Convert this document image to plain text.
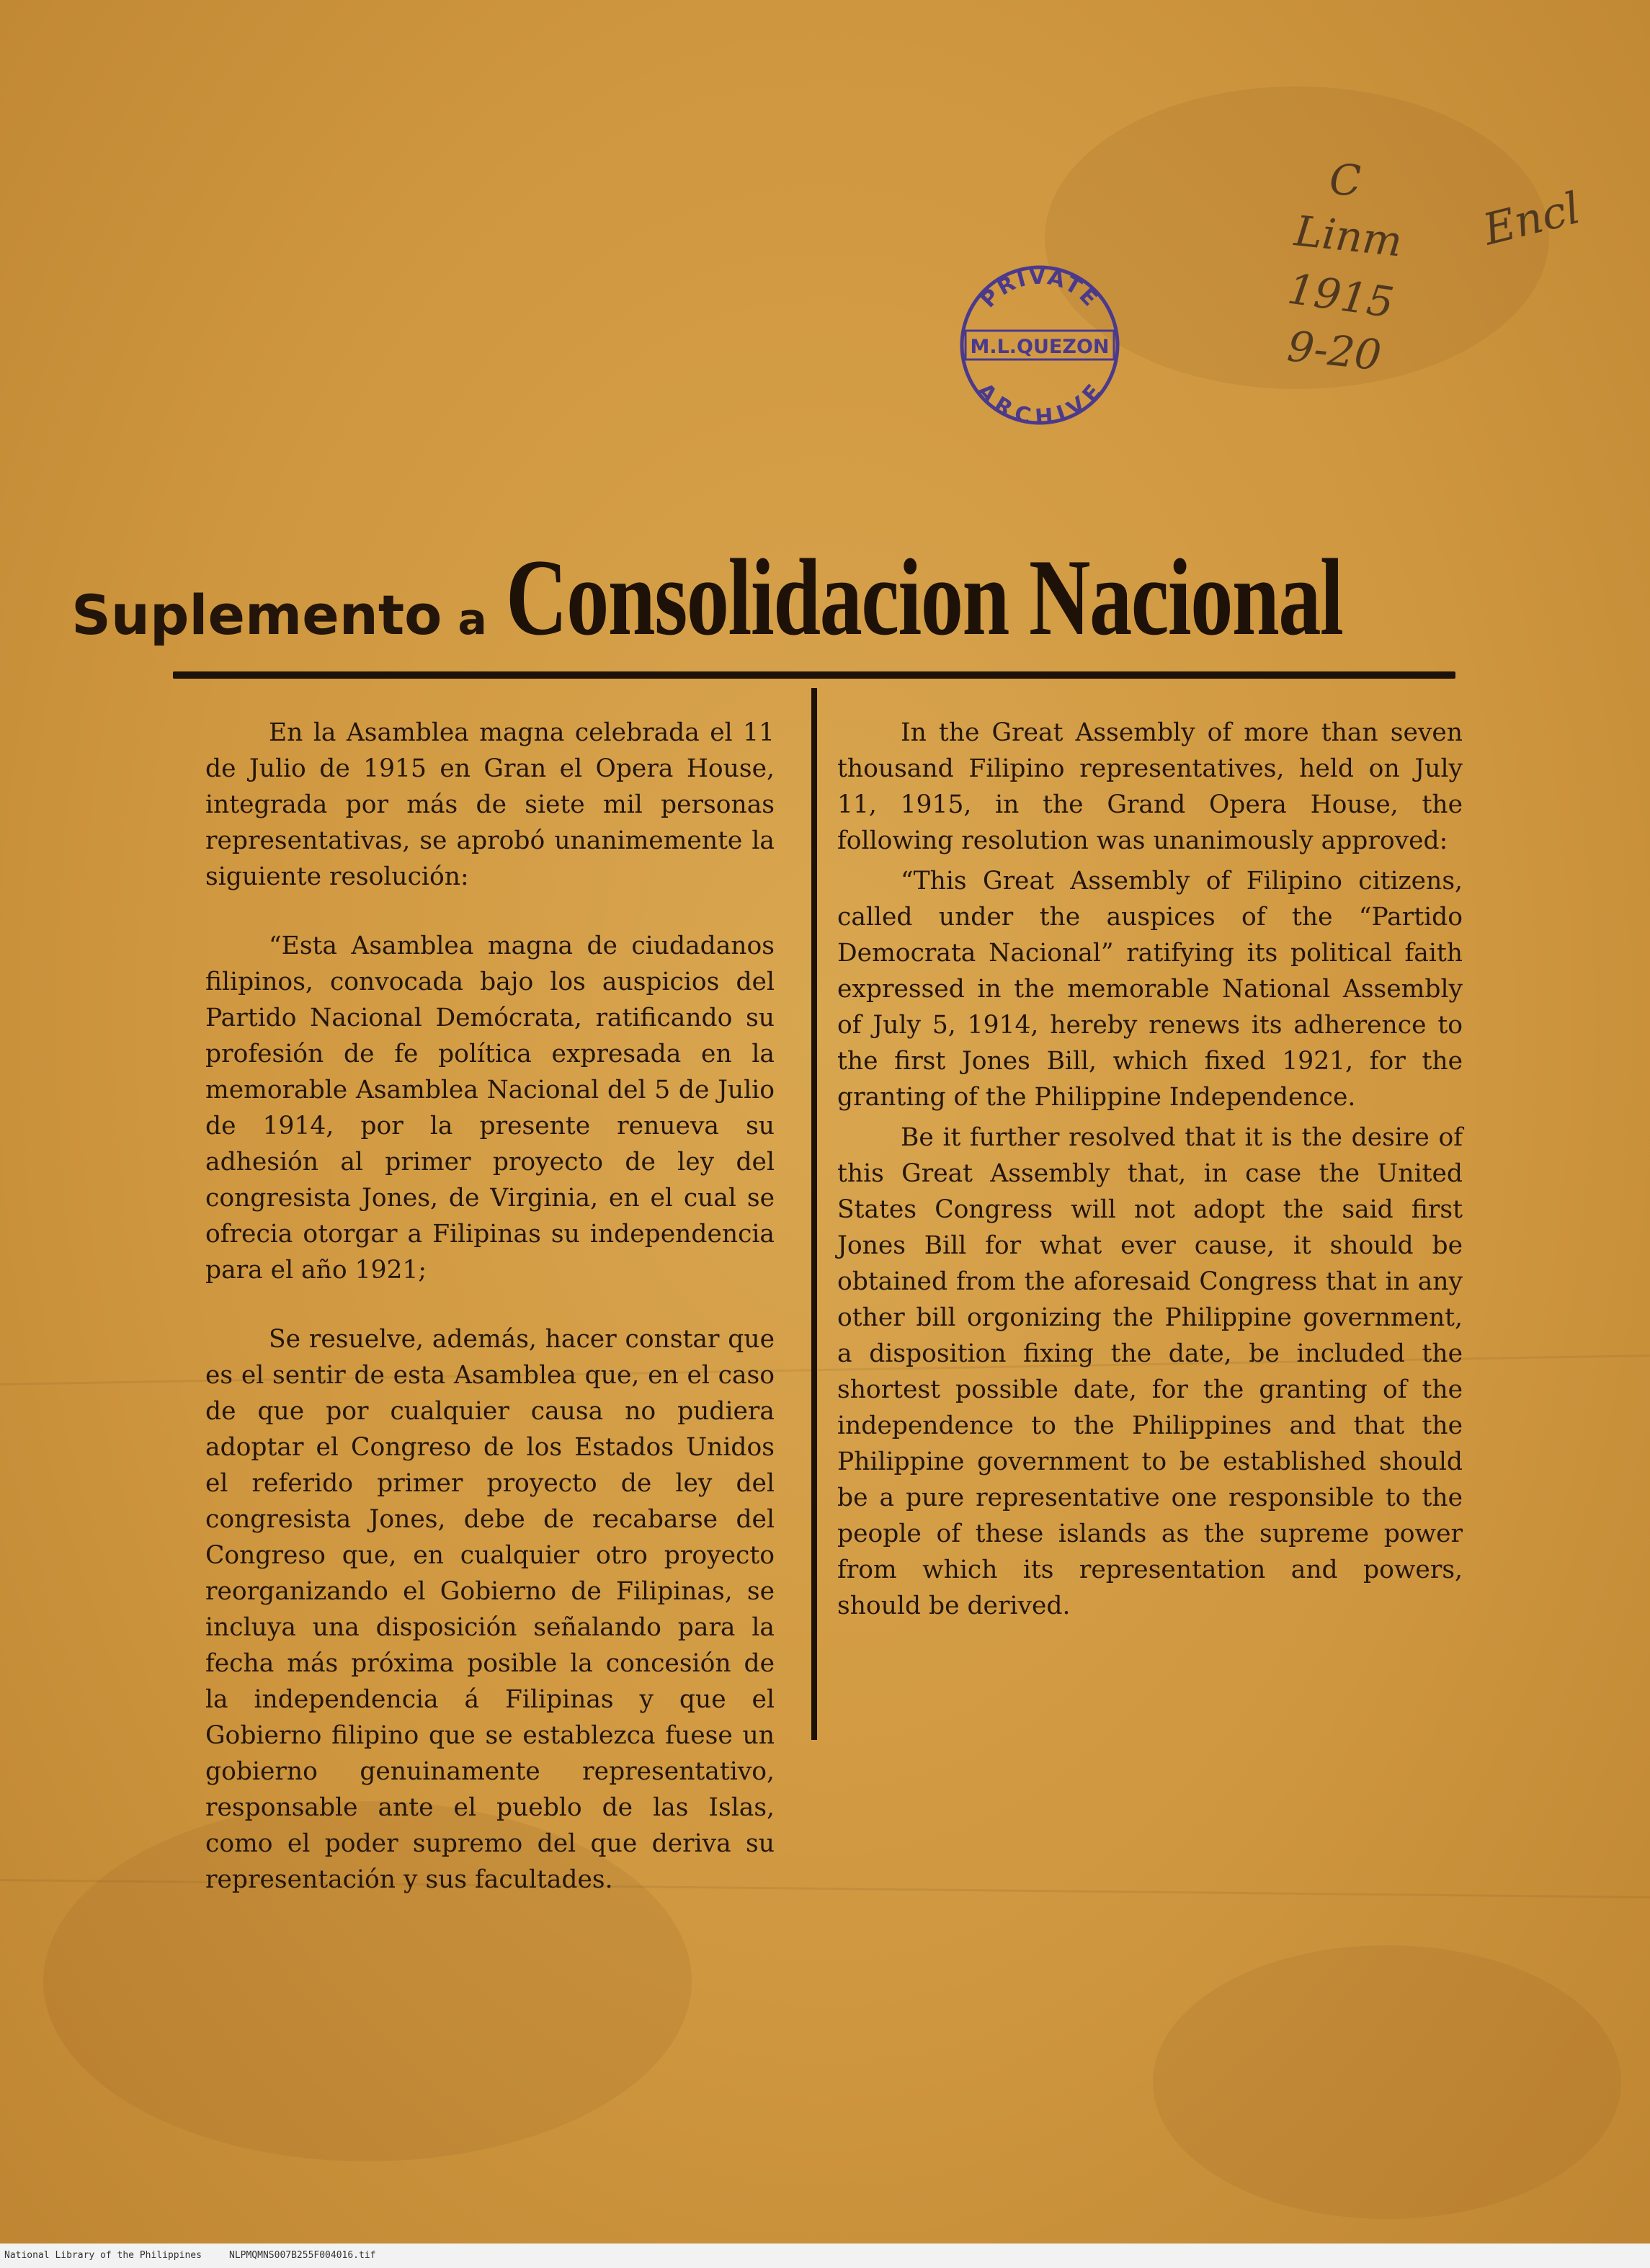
PRIVATE
M.L.QUEZON
ARCHIVE
C
Linm
1915
9-20
Encl
Suplemento a Consolidacion Nacional

En la Asamblea magna celebrada el 11 de Julio de 1915 en Gran el Opera House, integrada por más de siete mil personas representativas, se aprobó unanimemente la siguiente resolución:

“Esta Asamblea magna de ciudadanos filipinos, convocada bajo los auspicios del Partido Nacional Demócrata, ratificando su profesión de fe política expresada en la memorable Asamblea Nacional del 5 de Julio de 1914, por la presente renueva su adhesión al primer proyecto de ley del congresista Jones, de Virginia, en el cual se ofrecia otorgar a Filipinas su independencia para el año 1921;

Se resuelve, además, hacer constar que es el sentir de esta Asamblea que, en el caso de que por cualquier causa no pudiera adoptar el Congreso de los Estados Unidos el referido primer proyecto de ley del congresista Jones, debe de recabarse del Congreso que, en cualquier otro proyecto reorganizando el Gobierno de Filipinas, se incluya una disposición señalando para la fecha más próxima posible la concesión de la independencia á Filipinas y que el Gobierno filipino que se establezca fuese un gobierno genuinamente representativo, responsable ante el pueblo de las Islas, como el poder supremo del que deriva su representación y sus facultades.

In the Great Assembly of more than seven thousand Filipino representatives, held on July 11, 1915, in the Grand Opera House, the following resolution was unanimously approved:

“This Great Assembly of Filipino citizens, called under the auspices of the “Partido Democrata Nacional” ratifying its political faith expressed in the memorable National Assembly of July 5, 1914, hereby renews its adherence to the first Jones Bill, which fixed 1921, for the granting of the Philippine Independence.

Be it further resolved that it is the desire of this Great Assembly that, in case the United States Congress will not adopt the said first Jones Bill for what ever cause, it should be obtained from the aforesaid Congress that in any other bill orgonizing the Philippine government, a disposition fixing the date, be included the shortest possible date, for the granting of the independence to the Philippines and that the Philippine government to be established should be a pure representative one responsible to the people of these islands as the supreme power from which its representation and powers, should be derived.

National Library of the Philippines	NLPMQMNS007B255F004016.tif
